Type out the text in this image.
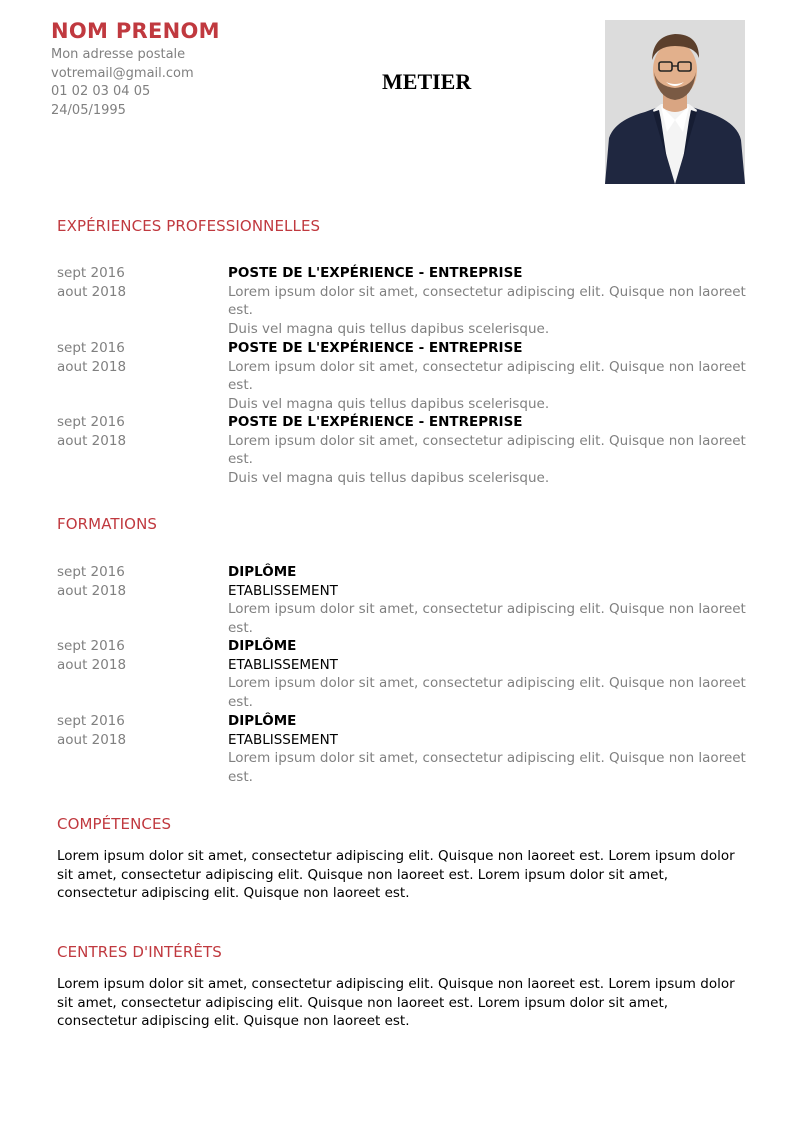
NOM PRENOM
Mon adresse postale
votremail@gmail.com
01 02 03 04 05
24/05/1995
METIER
EXPÉRIENCES PROFESSIONNELLES
sept 2016
aout 2018
POSTE DE L'EXPÉRIENCE - ENTREPRISE
Lorem ipsum dolor sit amet, consectetur adipiscing elit. Quisque non laoreet est.
Duis vel magna quis tellus dapibus scelerisque.
sept 2016
aout 2018
POSTE DE L'EXPÉRIENCE - ENTREPRISE
Lorem ipsum dolor sit amet, consectetur adipiscing elit. Quisque non laoreet est.
Duis vel magna quis tellus dapibus scelerisque.
sept 2016
aout 2018
POSTE DE L'EXPÉRIENCE - ENTREPRISE
Lorem ipsum dolor sit amet, consectetur adipiscing elit. Quisque non laoreet est.
Duis vel magna quis tellus dapibus scelerisque.
FORMATIONS
sept 2016
aout 2018
DIPLÔME
ETABLISSEMENT
Lorem ipsum dolor sit amet, consectetur adipiscing elit. Quisque non laoreet est.
sept 2016
aout 2018
DIPLÔME
ETABLISSEMENT
Lorem ipsum dolor sit amet, consectetur adipiscing elit. Quisque non laoreet est.
sept 2016
aout 2018
DIPLÔME
ETABLISSEMENT
Lorem ipsum dolor sit amet, consectetur adipiscing elit. Quisque non laoreet est.
COMPÉTENCES

Lorem ipsum dolor sit amet, consectetur adipiscing elit. Quisque non laoreet est. Lorem ipsum dolor sit amet, consectetur adipiscing elit. Quisque non laoreet est. Lorem ipsum dolor sit amet, consectetur adipiscing elit. Quisque non laoreet est.

CENTRES D'INTÉRÊTS

Lorem ipsum dolor sit amet, consectetur adipiscing elit. Quisque non laoreet est. Lorem ipsum dolor sit amet, consectetur adipiscing elit. Quisque non laoreet est. Lorem ipsum dolor sit amet, consectetur adipiscing elit. Quisque non laoreet est.
